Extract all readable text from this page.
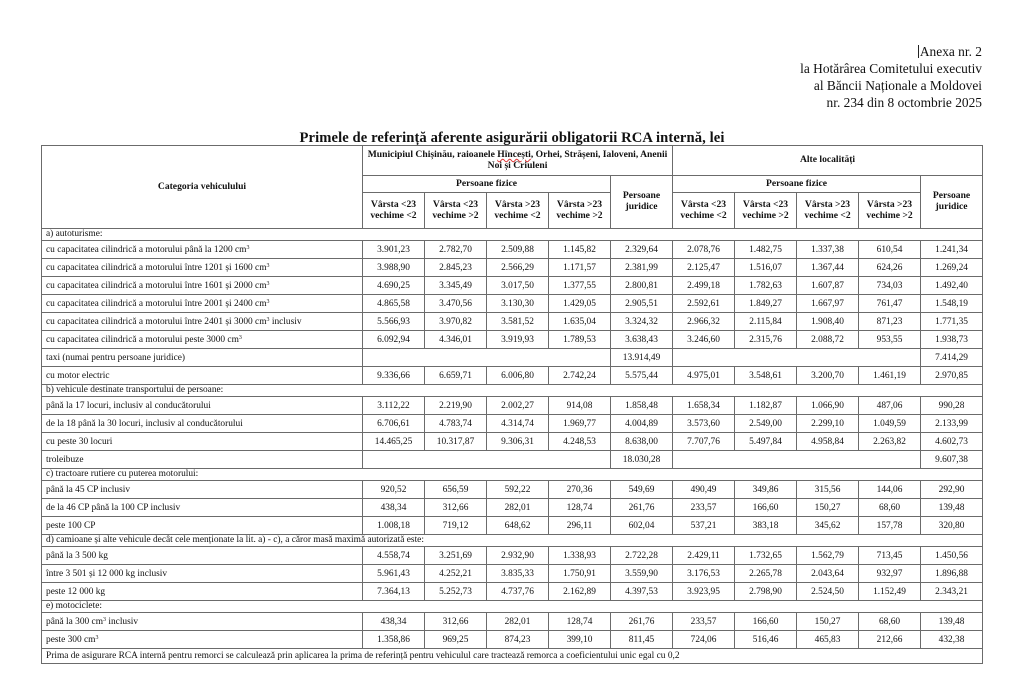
Anexa nr. 2
la Hotărârea Comitetului executiv
al Băncii Naționale a Moldovei
nr. 234 din 8 octombrie 2025
Primele de referință aferente asigurării obligatorii RCA internă, lei
Categoria vehiculului	Municipiul Chișinău, raioanele Hîncești, Orhei, Strășeni, Ialoveni, Anenii Noi și Criuleni					Alte localități				
	Persoane fizice				Persoane juridice	Persoane fizice				Persoane juridice
	Vârsta <23 vechime <2	Vârsta <23 vechime >2	Vârsta >23 vechime <2	Vârsta >23 vechime >2		Vârsta <23 vechime <2	Vârsta <23 vechime >2	Vârsta >23 vechime <2	Vârsta >23 vechime >2	
a) autoturisme:										
cu capacitatea cilindrică a motorului până la 1200 $cm^3$	3.901,23	2.782,70	2.509,88	1.145,82	2.329,64	2.078,76	1.482,75	1.337,38	610,54	1.241,34
cu capacitatea cilindrică a motorului între 1201 și 1600 $cm^3$	3.988,90	2.845,23	2.566,29	1.171,57	2.381,99	2.125,47	1.516,07	1.367,44	624,26	1.269,24
cu capacitatea cilindrică a motorului între 1601 și 2000 $cm^3$	4.690,25	3.345,49	3.017,50	1.377,55	2.800,81	2.499,18	1.782,63	1.607,87	734,03	1.492,40
cu capacitatea cilindrică a motorului între 2001 și 2400 $cm^3$	4.865,58	3.470,56	3.130,30	1.429,05	2.905,51	2.592,61	1.849,27	1.667,97	761,47	1.548,19
cu capacitatea cilindrică a motorului între 2401 și 3000 $cm^3$ inclusiv	5.566,93	3.970,82	3.581,52	1.635,04	3.324,32	2.966,32	2.115,84	1.908,40	871,23	1.771,35
cu capacitatea cilindrică a motorului peste 3000 $cm^3$	6.092,94	4.346,01	3.919,93	1.789,53	3.638,43	3.246,60	2.315,76	2.088,72	953,55	1.938,73
taxi (numai pentru persoane juridice)					13.914,49					7.414,29
cu motor electric	9.336,66	6.659,71	6.006,80	2.742,24	5.575,44	4.975,01	3.548,61	3.200,70	1.461,19	2.970,85
b) vehicule destinate transportului de persoane:										
până la 17 locuri, inclusiv al conducătorului	3.112,22	2.219,90	2.002,27	914,08	1.858,48	1.658,34	1.182,87	1.066,90	487,06	990,28
de la 18 până la 30 locuri, inclusiv al conducătorului	6.706,61	4.783,74	4.314,74	1.969,77	4.004,89	3.573,60	2.549,00	2.299,10	1.049,59	2.133,99
cu peste 30 locuri	14.465,25	10.317,87	9.306,31	4.248,53	8.638,00	7.707,76	5.497,84	4.958,84	2.263,82	4.602,73
troleibuze					18.030,28					9.607,38
c) tractoare rutiere cu puterea motorului:										
până la 45 CP inclusiv	920,52	656,59	592,22	270,36	549,69	490,49	349,86	315,56	144,06	292,90
de la 46 CP până la 100 CP inclusiv	438,34	312,66	282,01	128,74	261,76	233,57	166,60	150,27	68,60	139,48
peste 100 CP	1.008,18	719,12	648,62	296,11	602,04	537,21	383,18	345,62	157,78	320,80
d) camioane și alte vehicule decât cele menționate la lit. a) - c), a căror masă maximă autorizată este:										
până la 3 500 kg	4.558,74	3.251,69	2.932,90	1.338,93	2.722,28	2.429,11	1.732,65	1.562,79	713,45	1.450,56
între 3 501 și 12 000 kg inclusiv	5.961,43	4.252,21	3.835,33	1.750,91	3.559,90	3.176,53	2.265,78	2.043,64	932,97	1.896,88
peste 12 000 kg	7.364,13	5.252,73	4.737,76	2.162,89	4.397,53	3.923,95	2.798,90	2.524,50	1.152,49	2.343,21
e) motociclete:										
până la 300 $cm^3$ inclusiv	438,34	312,66	282,01	128,74	261,76	233,57	166,60	150,27	68,60	139,48
peste 300 $cm^3$	1.358,86	969,25	874,23	399,10	811,45	724,06	516,46	465,83	212,66	432,38
Prima de asigurare RCA internă pentru remorci se calculează prin aplicarea la prima de referință pentru vehiculul care tractează remorca a coeficientului unic egal cu 0,2										
